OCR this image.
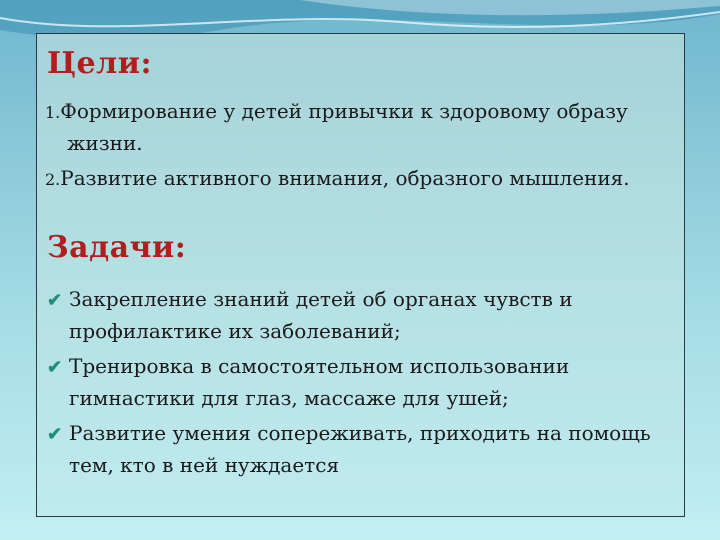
Цели:
1.Формирование у детей привычки к здоровому образу жизни.
2.Развитие активного внимания, образного мышления.
Задачи:
✔ Закрепление знаний детей об органах чувств и профилактике их заболеваний;
✔ Тренировка в самостоятельном использовании гимнастики для глаз, массаже для ушей;
✔ Развитие умения сопереживать, приходить на помощь тем, кто в ней нуждается
